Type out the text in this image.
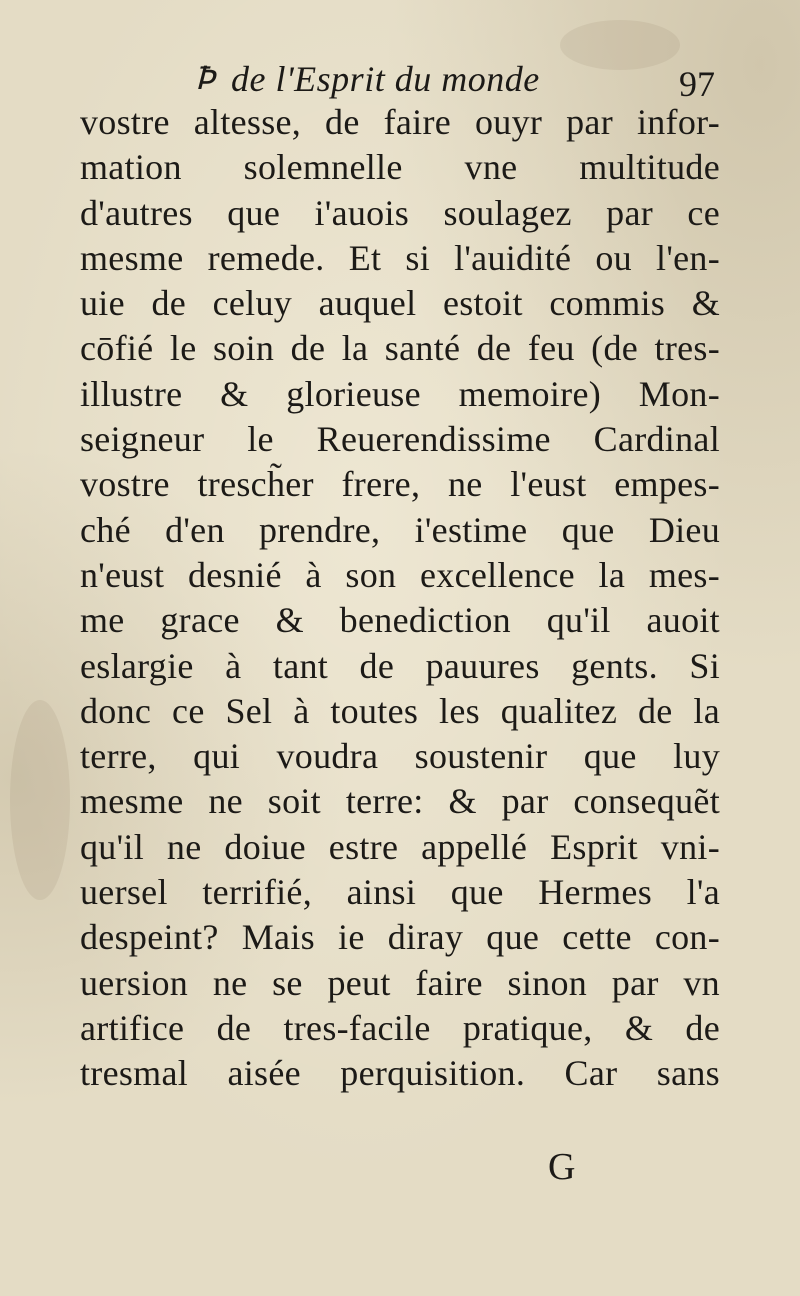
Ꝥ de l'Esprit du monde	97
vostre altesse, de faire ouyr par infor-
mation solemnelle vne multitude
d'autres que i'auois soulagez par ce
mesme remede. Et si l'auidité ou l'en-
uie de celuy auquel estoit commis &
cōfié le soin de la santé de feu (de tres-
illustre & glorieuse memoire) Mon-
seigneur le Reuerendissime Cardinal
vostre tresch̃er frere, ne l'eust empes-
ché d'en prendre, i'estime que Dieu
n'eust desnié à son excellence la mes-
me grace & benediction qu'il auoit
eslargie à tant de pauures gents. Si
donc ce Sel à toutes les qualitez de la
terre, qui voudra soustenir que luy
mesme ne soit terre: & par consequẽt
qu'il ne doiue estre appellé Esprit vni-
uersel terrifié, ainsi que Hermes l'a
despeint? Mais ie diray que cette con-
uersion ne se peut faire sinon par vn
artifice de tres-facile pratique, & de
tresmal aisée perquisition. Car sans
G
